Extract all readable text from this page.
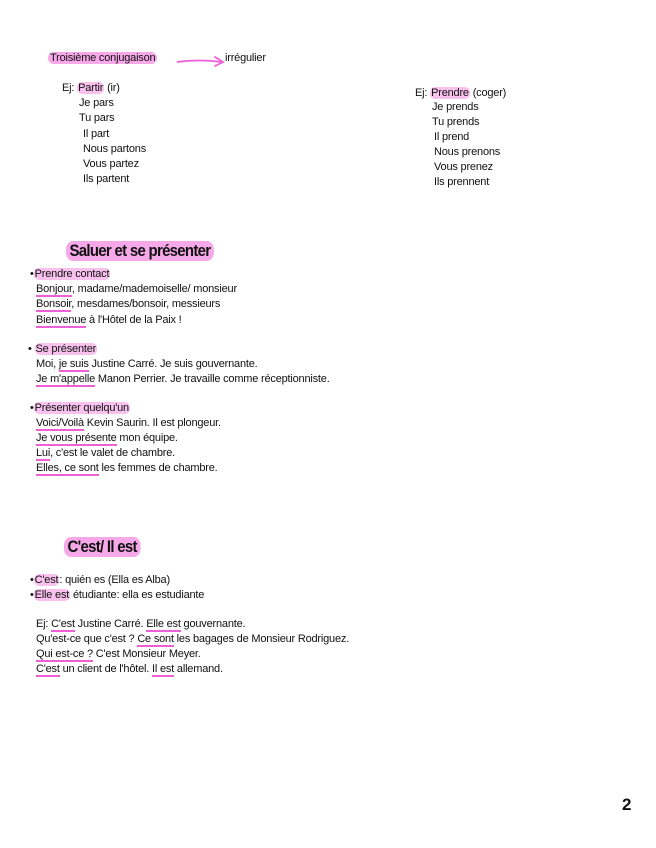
Troisième conjugaison	irrégulier
Ej: Partir (ir)
Je pars
Tu pars
Il part
Nous partons
Vous partez
Ils partent
Ej: Prendre (coger)
Je prends
Tu prends
Il prend
Nous prenons
Vous prenez
Ils prennent
Saluer et se présenter
•Prendre contact
Bonjour, madame/mademoiselle/ monsieur
Bonsoir, mesdames/bonsoir, messieurs
Bienvenue à l'Hôtel de la Paix !
• Se présenter
Moi, je suis Justine Carré. Je suis gouvernante.
Je m'appelle Manon Perrier. Je travaille comme réceptionniste.
•Présenter quelqu'un
Voici/Voilà Kevin Saurin. Il est plongeur.
Je vous présente mon équipe.
Lui, c'est le valet de chambre.
Elles, ce sont les femmes de chambre.
C'est/ Il est
•C'est: quién es (Ella es Alba)
•Elle est étudiante: ella es estudiante
Ej: C'est Justine Carré. Elle est gouvernante.
Qu'est-ce que c'est ? Ce sont les bagages de Monsieur Rodriguez.
Qui est-ce ? C'est Monsieur Meyer.
C'est un client de l'hôtel. Il est allemand.
2
